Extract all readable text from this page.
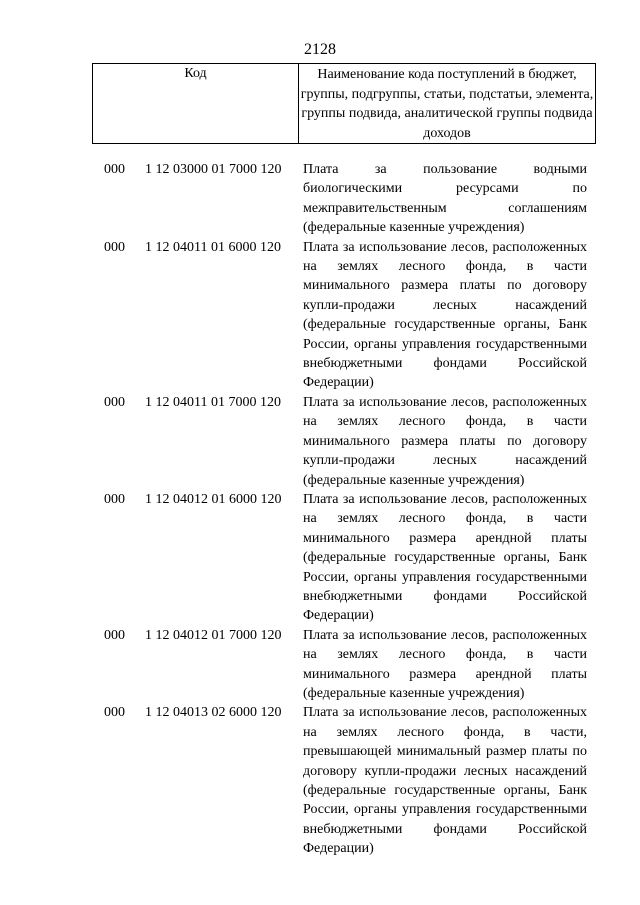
2128
Код	Наименование кода поступлений в бюджет, группы, подгруппы, статьи, подстатьи, элемента, группы подвида, аналитической группы подвида доходов
000 1 12 03000 01 7000 120 Плата за пользование водными биологическими ресурсами по межправительственным соглашениям (федеральные казенные учреждения)
000 1 12 04011 01 6000 120 Плата за использование лесов, расположенных на землях лесного фонда, в части минимального размера платы по договору купли-продажи лесных насаждений (федеральные государственные органы, Банк России, органы управления государственными внебюджетными фондами Российской Федерации)
000 1 12 04011 01 7000 120 Плата за использование лесов, расположенных на землях лесного фонда, в части минимального размера платы по договору купли-продажи лесных насаждений (федеральные казенные учреждения)
000 1 12 04012 01 6000 120 Плата за использование лесов, расположенных на землях лесного фонда, в части минимального размера арендной платы (федеральные государственные органы, Банк России, органы управления государственными внебюджетными фондами Российской Федерации)
000 1 12 04012 01 7000 120 Плата за использование лесов, расположенных на землях лесного фонда, в части минимального размера арендной платы (федеральные казенные учреждения)
000 1 12 04013 02 6000 120 Плата за использование лесов, расположенных на землях лесного фонда, в части, превышающей минимальный размер платы по договору купли-продажи лесных насаждений (федеральные государственные органы, Банк России, органы управления государственными внебюджетными фондами Российской Федерации)
